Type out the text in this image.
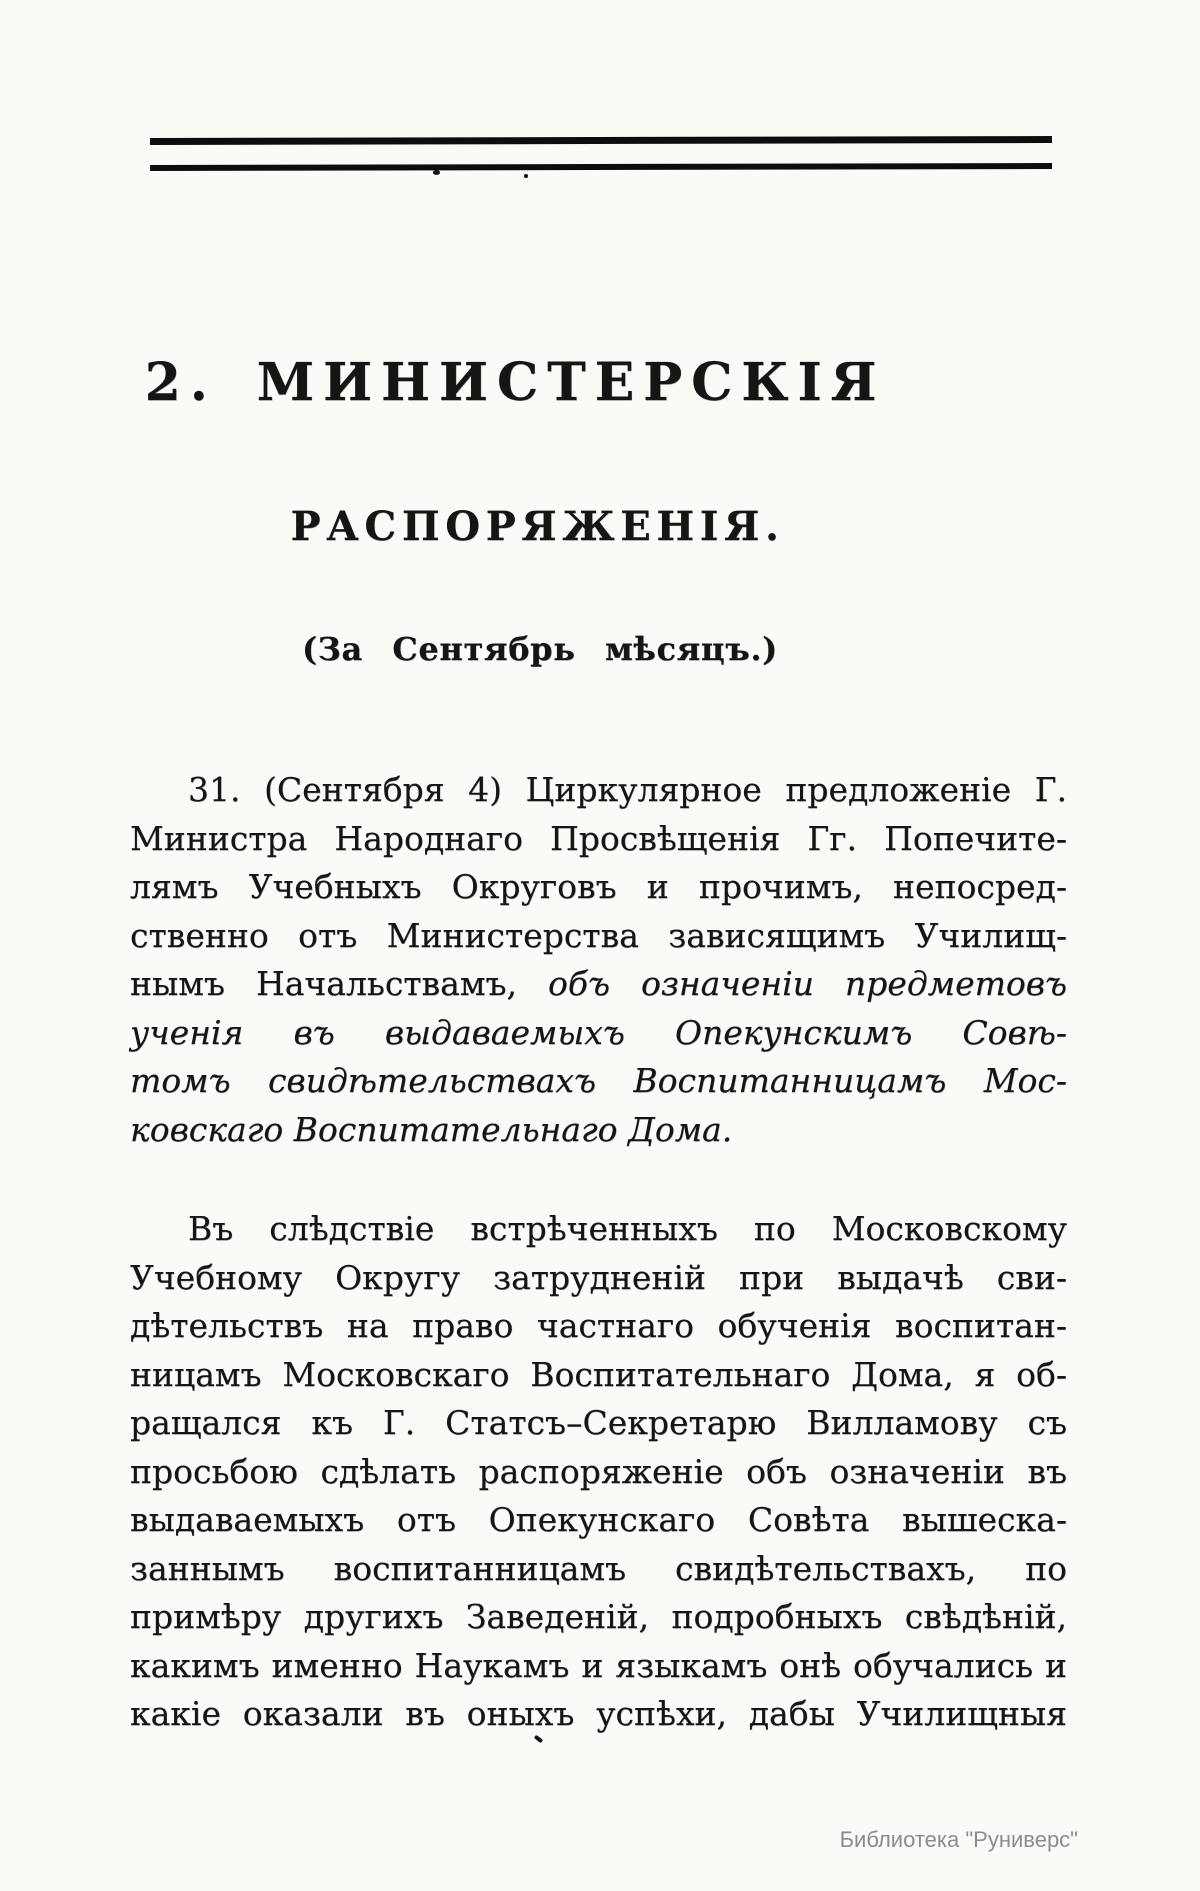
2. МИНИСТЕРСКІЯ
РАСПОРЯЖЕНІЯ.
(За Сентябрь мѣсяцъ.)
31. (Сентября 4) Циркулярное предложеніе Г.
Министра Народнаго Просвѣщенія Гг. Попечите-
лямъ Учебныхъ Округовъ и прочимъ, непосред-
ственно отъ Министерства зависящимъ Училищ-
нымъ Начальствамъ, объ означеніи предметовъ
ученія въ выдаваемыхъ Опекунскимъ Совѣ-
томъ свидѣтельствахъ Воспитанницамъ Мос-
ковскаго Воспитательнаго Дома.
Въ слѣдствіе встрѣченныхъ по Московскому
Учебному Округу затрудненій при выдачѣ сви-
дѣтельствъ на право частнаго обученія воспитан-
ницамъ Московскаго Воспитательнаго Дома, я об-
ращался къ Г. Статсъ–Секретарю Вилламову съ
просьбою сдѣлать распоряженіе объ означеніи въ
выдаваемыхъ отъ Опекунскаго Совѣта вышеска-
заннымъ воспитанницамъ свидѣтельствахъ, по
примѣру другихъ Заведеній, подробныхъ свѣдѣній,
какимъ именно Наукамъ и языкамъ онѣ обучались и
какіе оказали въ оныхъ успѣхи, дабы Училищныя
Библиотека "Руниверс"
